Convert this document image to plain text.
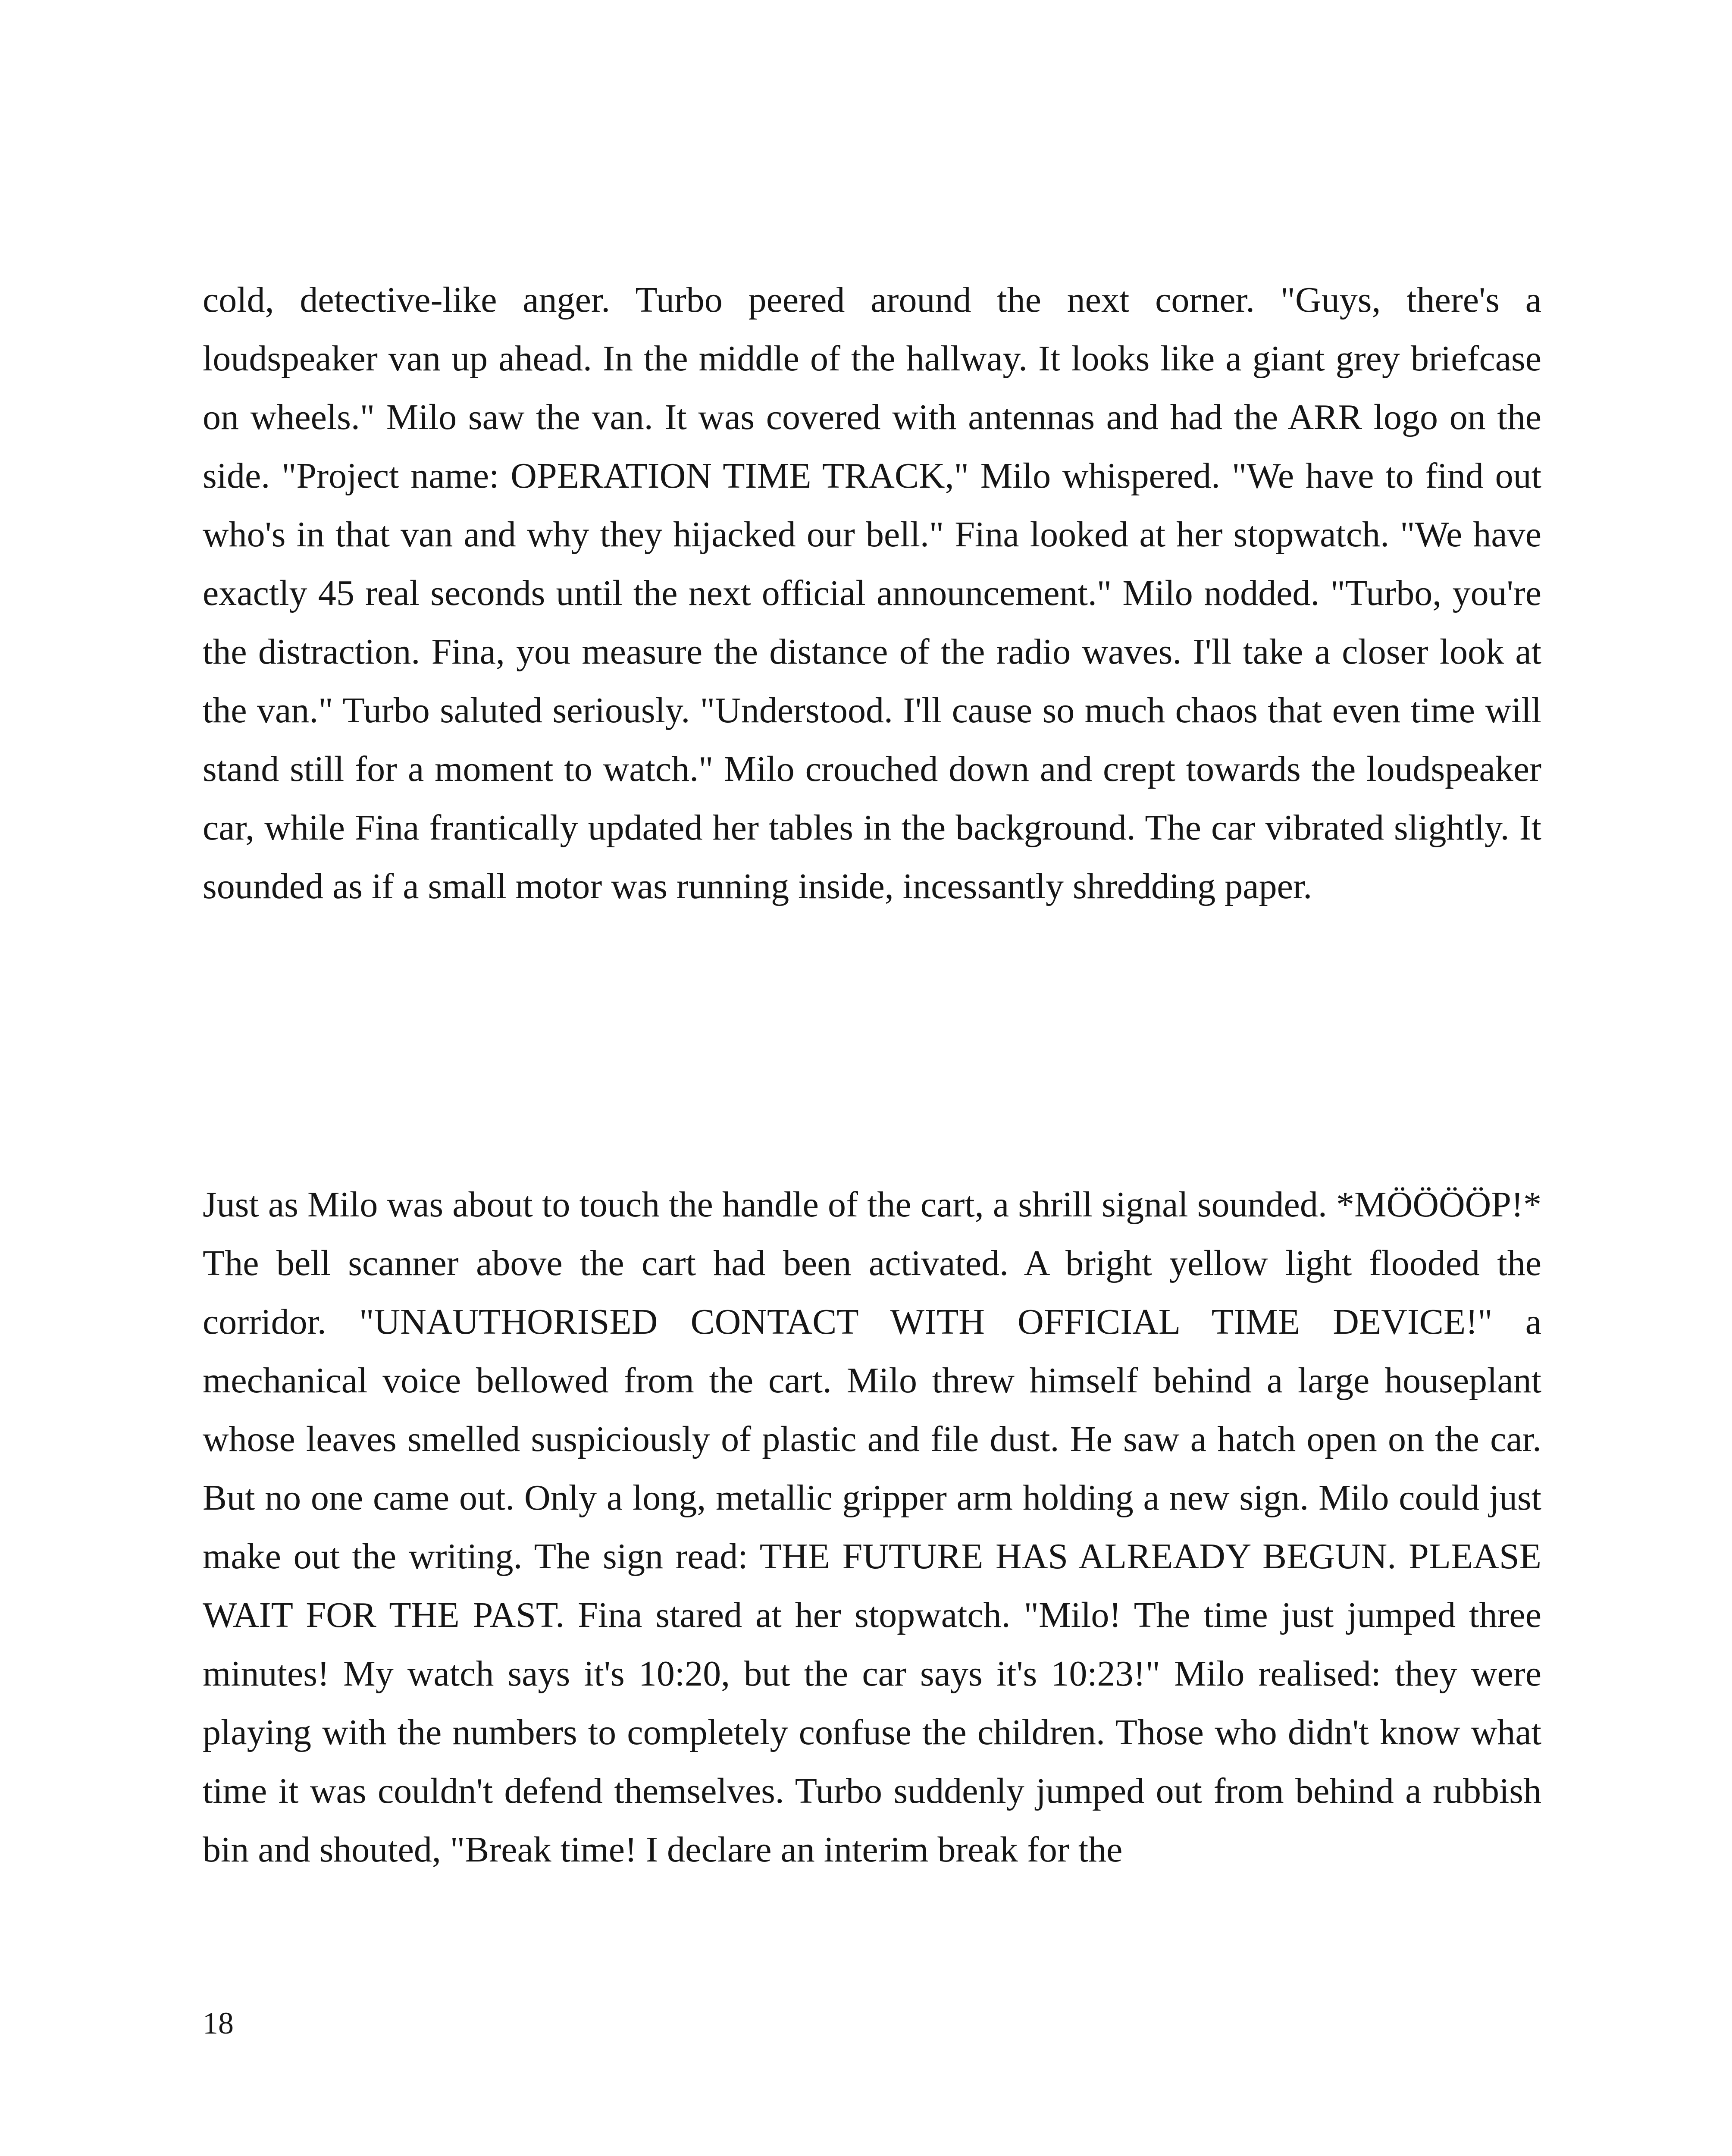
cold, detective-like anger. Turbo peered around the next corner. "Guys, there's a loudspeaker van up ahead. In the middle of the hallway. It looks like a giant grey briefcase on wheels." Milo saw the van. It was covered with antennas and had the ARR logo on the side. "Project name: OPERATION TIME TRACK," Milo whispered. "We have to find out who's in that van and why they hijacked our bell." Fina looked at her stopwatch. "We have exactly 45 real seconds until the next official announcement." Milo nodded. "Turbo, you're the distraction. Fina, you measure the distance of the radio waves. I'll take a closer look at the van." Turbo saluted seriously. "Understood. I'll cause so much chaos that even time will stand still for a moment to watch." Milo crouched down and crept towards the loudspeaker car, while Fina frantically updated her tables in the background. The car vibrated slightly. It sounded as if a small motor was running inside, incessantly shredding paper.

Just as Milo was about to touch the handle of the cart, a shrill signal sounded. *MÖÖÖÖP!* The bell scanner above the cart had been activated. A bright yellow light flooded the corridor. "UNAUTHORISED CONTACT WITH OFFICIAL TIME DEVICE!" a mechanical voice bellowed from the cart. Milo threw himself behind a large houseplant whose leaves smelled suspiciously of plastic and file dust. He saw a hatch open on the car. But no one came out. Only a long, metallic gripper arm holding a new sign. Milo could just make out the writing. The sign read: THE FUTURE HAS ALREADY BEGUN. PLEASE WAIT FOR THE PAST. Fina stared at her stopwatch. "Milo! The time just jumped three minutes! My watch says it's 10:20, but the car says it's 10:23!" Milo realised: they were playing with the numbers to completely confuse the children. Those who didn't know what time it was couldn't defend themselves. Turbo suddenly jumped out from behind a rubbish bin and shouted, "Break time! I declare an interim break for the

18
